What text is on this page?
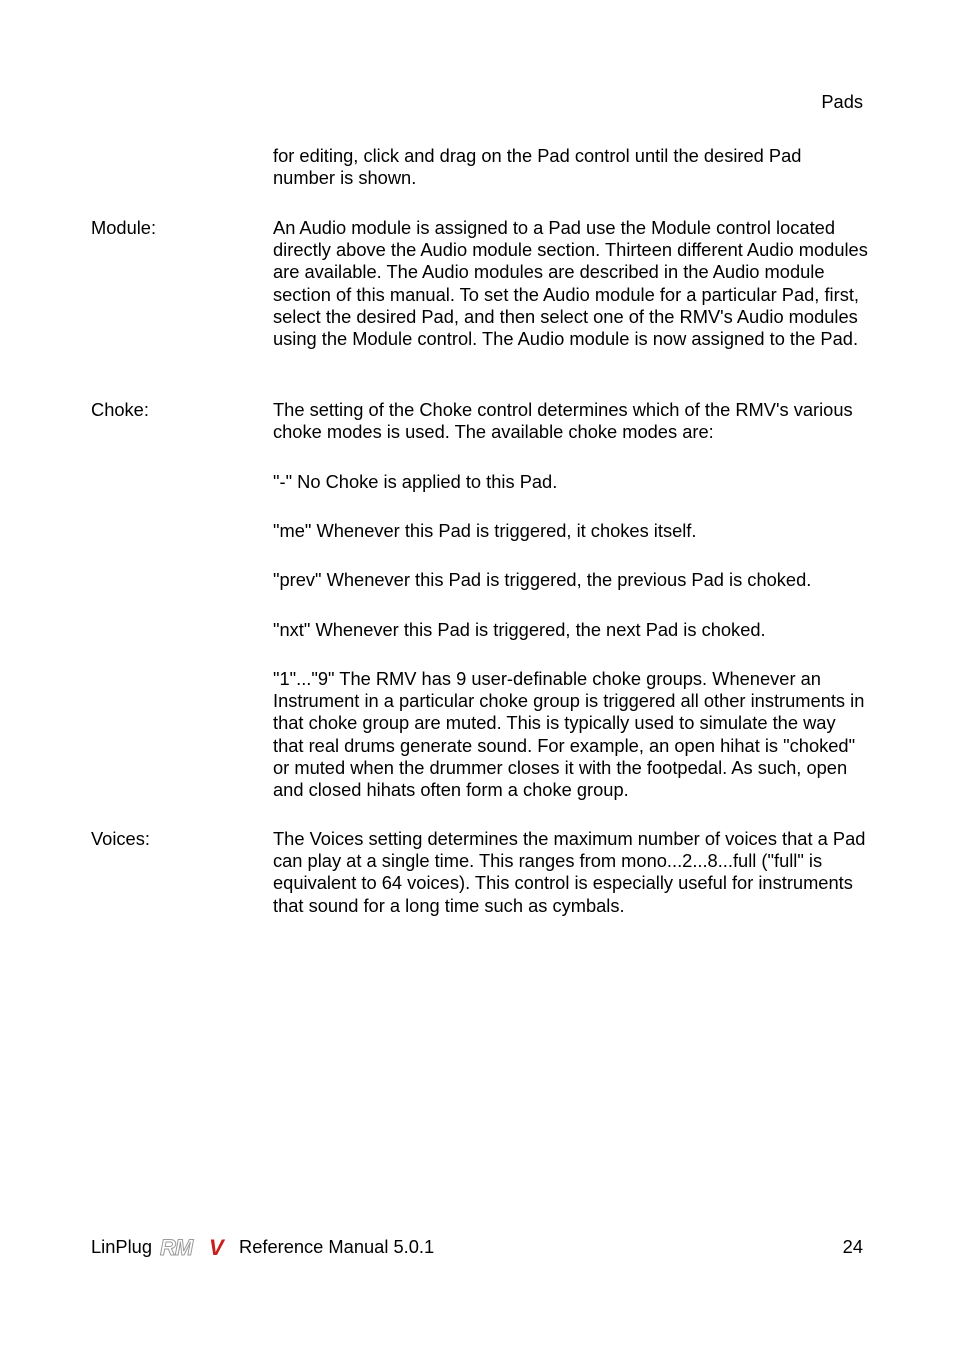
Pads
for editing, click and drag on the Pad control until the desired Pad number is shown.
Module:	An Audio module is assigned to a Pad use the Module control located directly above the Audio module section. Thirteen different Audio modules are available. The Audio modules are described in the Audio module section of this manual. To set the Audio module for a particular Pad, first, select the desired Pad, and then select one of the RMV's Audio modules using the Module control. The Audio module is now assigned to the Pad.
Choke:	The setting of the Choke control determines which of the RMV's various choke modes is used. The available choke modes are:
"-" No Choke is applied to this Pad.
"me" Whenever this Pad is triggered, it chokes itself.
"prev" Whenever this Pad is triggered, the previous Pad is choked.
"nxt" Whenever this Pad is triggered, the next Pad is choked.
"1"..."9" The RMV has 9 user-definable choke groups. Whenever an Instrument in a particular choke group is triggered all other instruments in that choke group are muted. This is typically used to simulate the way that real drums generate sound. For example, an open hihat is "choked" or muted when the drummer closes it with the footpedal. As such, open and closed hihats often form a choke group.
Voices:	The Voices setting determines the maximum number of voices that a Pad can play at a single time. This ranges from mono...2...8...full ("full" is equivalent to 64 voices). This control is especially useful for instruments that sound for a long time such as cymbals.
LinPlug RM V Reference Manual 5.0.1	24
